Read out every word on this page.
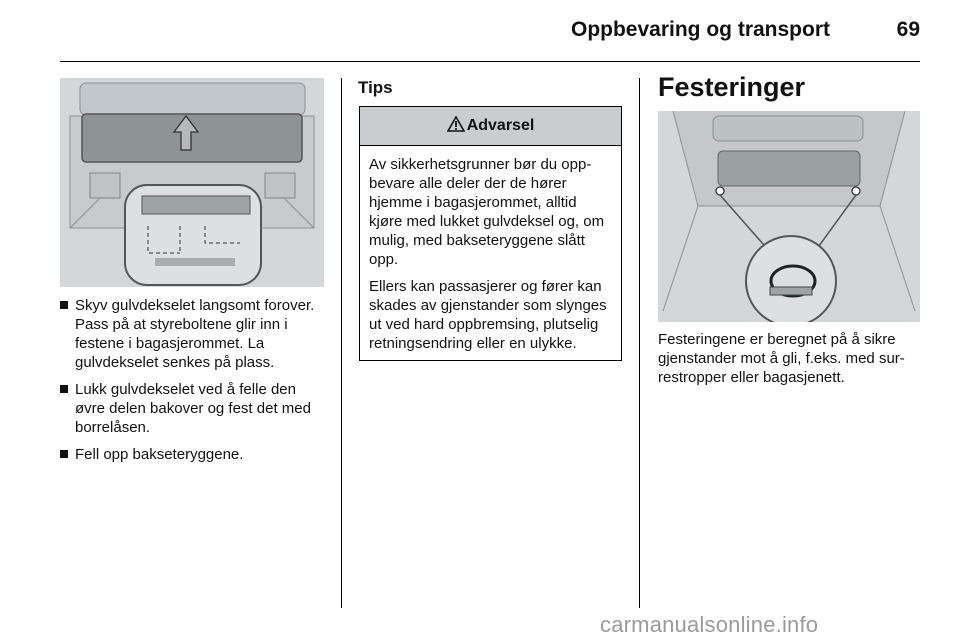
Oppbevaring og transport	69
Skyv gulvdekselet langsomt forover. Pass på at styreboltene glir inn i festene i bagasjerommet. La gulvdekselet senkes på plass.
Lukk gulvdekselet ved å felle den øvre delen bakover og fest det med borrelåsen.
Fell opp bakseteryggene.
Tips
Advarsel

Av sikkerhetsgrunner bør du oppbevare alle deler der de hører hjemme i bagasjerommet, alltid kjøre med lukket gulvdeksel og, om mulig, med bakseteryggene slått opp.

Ellers kan passasjerer og fører kan skades av gjenstander som slynges ut ved hard oppbremsing, plutselig retningsendring eller en ulykke.

Festeringer

Festeringene er beregnet på å sikre gjenstander mot å gli, f.eks. med surrestropper eller bagasjenett.

carmanualsonline.info
